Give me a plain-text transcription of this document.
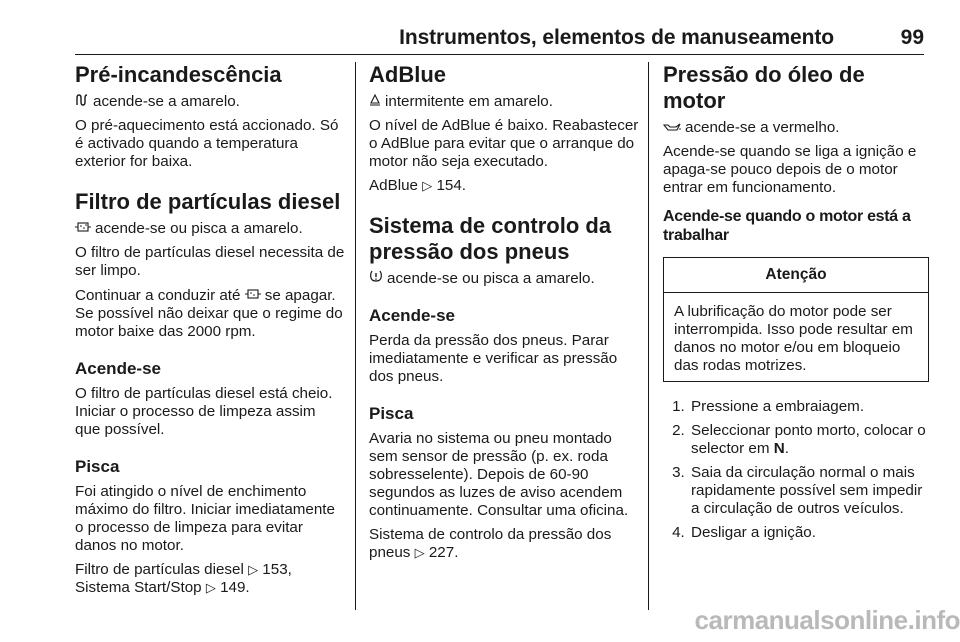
Instrumentos, elementos de manuseamento	99
Pré-incandescência

acende-se a amarelo.

O pré-aquecimento está accionado. Só é activado quando a temperatura exterior for baixa.

Filtro de partículas diesel

acende-se ou pisca a amarelo.

O filtro de partículas diesel necessita de ser limpo.

Continuar a conduzir até se apagar. Se possível não deixar que o regime do motor baixe das 2000 rpm.

Acende-se

O filtro de partículas diesel está cheio. Iniciar o processo de limpeza assim que possível.

Pisca

Foi atingido o nível de enchimento máximo do filtro. Iniciar imediatamente o processo de limpeza para evitar danos no motor.

Filtro de partículas diesel ▷ 153,
Sistema Start/Stop ▷ 149.

AdBlue

intermitente em amarelo.

O nível de AdBlue é baixo. Reabastecer o AdBlue para evitar que o arranque do motor não seja executado.

AdBlue ▷ 154.

Sistema de controlo da pressão dos pneus

acende-se ou pisca a amarelo.

Acende-se

Perda da pressão dos pneus. Parar imediatamente e verificar as pressão dos pneus.

Pisca

Avaria no sistema ou pneu montado sem sensor de pressão (p. ex. roda sobresselente). Depois de 60-90 segundos as luzes de aviso acendem continuamente. Consultar uma oficina.

Sistema de controlo da pressão dos pneus ▷ 227.

Pressão do óleo de motor

acende-se a vermelho.

Acende-se quando se liga a ignição e apaga-se pouco depois de o motor entrar em funcionamento.

Acende-se quando o motor está a trabalhar
Atenção
A lubrificação do motor pode ser interrompida. Isso pode resultar em danos no motor e/ou em bloqueio das rodas motrizes.
1. Pressione a embraiagem.
2. Seleccionar ponto morto, colocar o selector em N.
3. Saia da circulação normal o mais rapidamente possível sem impedir a circulação de outros veículos.
4. Desligar a ignição.
carmanualsonline.info
